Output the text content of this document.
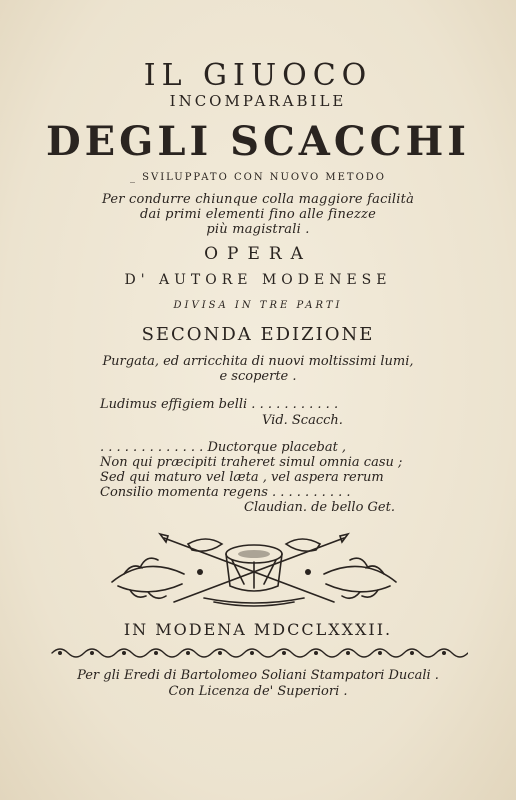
IL GIUOCO
INCOMPARABILE
DEGLI SCACCHI
_ SVILUPPATO CON NUOVO METODO
Per condurre chiunque colla maggiore facilità
dai primi elementi fino alle finezze
più magistrali .
OPERA
D' AUTORE MODENESE
DIVISA IN TRE PARTI
SECONDA EDIZIONE
Purgata, ed arricchita di nuovi moltissimi lumi,
e scoperte .
Ludimus effigiem belli . . . . . . . . . . .
Vid. Scacch.
. . . . . . . . . . . . . Ductorque placebat ,
Non qui præcipiti traheret simul omnia casu ;
Sed qui maturo vel læta , vel aspera rerum
Consilio momenta regens . . . . . . . . . .
Claudian. de bello Get.
IN MODENA MDCCLXXXII.
Per gli Eredi di Bartolomeo Soliani Stampatori Ducali .
Con Licenza de' Superiori .
